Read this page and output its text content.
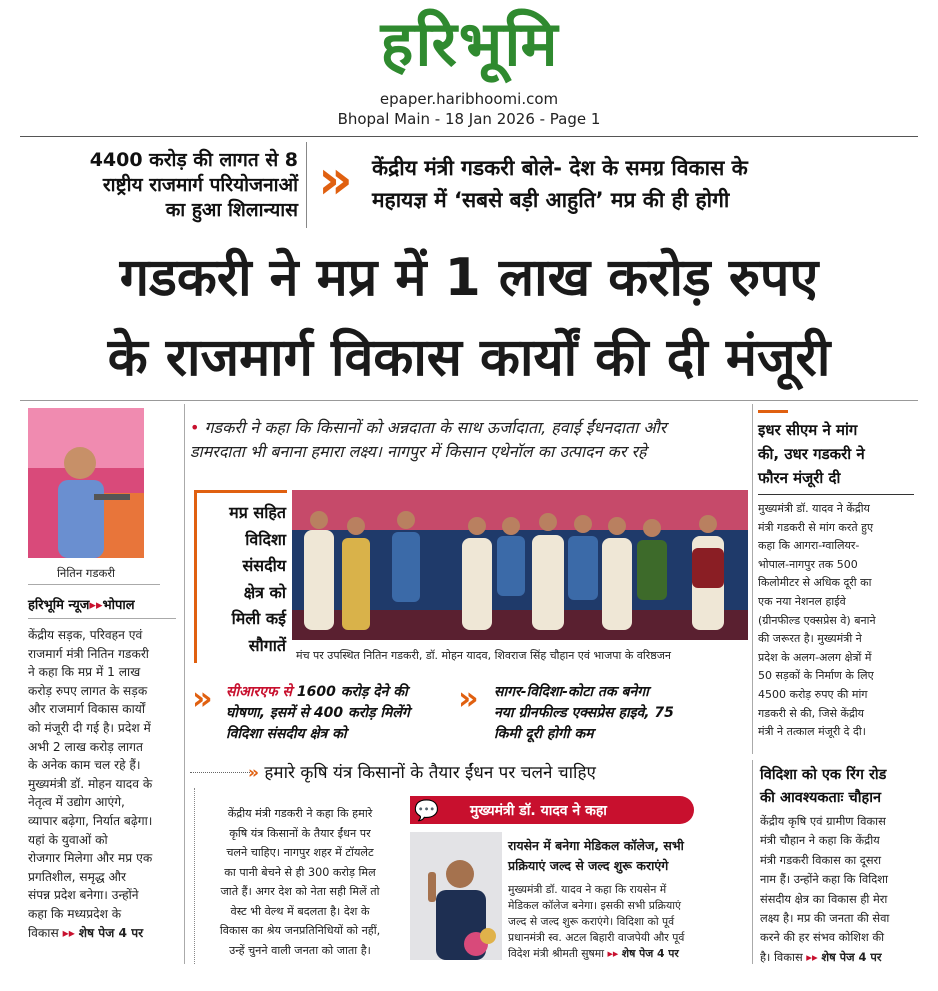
हरिभूमि
epaper.haribhoomi.com
Bhopal Main - 18 Jan 2026 - Page 1
4400 करोड़ की लागत से 8
राष्ट्रीय राजमार्ग परियोजनाओं
का हुआ शिलान्यास » केंद्रीय मंत्री गडकरी बोले- देश के समग्र विकास के
महायज्ञ में ‘सबसे बड़ी आहुति’ मप्र की ही होगी
गडकरी ने मप्र में 1 लाख करोड़ रुपए
के राजमार्ग विकास कार्यों की दी मंजूरी
नितिन गडकरी
हरिभूमि न्यूज▸▸भोपाल
केंद्रीय सड़क, परिवहन एवं
राजमार्ग मंत्री नितिन गडकरी
ने कहा कि मप्र में 1 लाख
करोड़ रुपए लागत के सड़क
और राजमार्ग विकास कार्यों
को मंजूरी दी गई है। प्रदेश में
अभी 2 लाख करोड़ लागत
के अनेक काम चल रहे हैं।
मुख्यमंत्री डॉ. मोहन यादव के
नेतृत्व में उद्योग आएंगे,
व्यापार बढ़ेगा, निर्यात बढ़ेगा।
यहां के युवाओं को
रोजगार मिलेगा और मप्र एक
प्रगतिशील, समृद्ध और
संपन्न प्रदेश बनेगा। उन्होंने
कहा कि मध्यप्रदेश के
विकास ▸▸ शेष पेज 4 पर
• गडकरी ने कहा कि किसानों को अन्नदाता के साथ ऊर्जादाता, हवाई ईंधनदाता और
डामरदाता भी बनाना हमारा लक्ष्य। नागपुर में किसान एथेनॉल का उत्पादन कर रहे
मप्र सहित
विदिशा
संसदीय
क्षेत्र को
मिली कई
सौगातें
मंच पर उपस्थित नितिन गडकरी, डॉ. मोहन यादव, शिवराज सिंह चौहान एवं भाजपा के वरिष्ठजन
» सीआरएफ से 1600 करोड़ देने की
घोषणा, इसमें से 400 करोड़ मिलेंगे
विदिशा संसदीय क्षेत्र को
» सागर-विदिशा-कोटा तक बनेगा
नया ग्रीनफील्ड एक्सप्रेस हाइवे, 75
किमी दूरी होगी कम
इधर सीएम ने मांग
की, उधर गडकरी ने
फौरन मंजूरी दी
मुख्यमंत्री डॉ. यादव ने केंद्रीय
मंत्री गडकरी से मांग करते हुए
कहा कि आगरा-ग्वालियर-
भोपाल-नागपुर तक 500
किलोमीटर से अधिक दूरी का
एक नया नेशनल हाईवे
(ग्रीनफील्ड एक्सप्रेस वे) बनाने
की जरूरत है। मुख्यमंत्री ने
प्रदेश के अलग-अलग क्षेत्रों में
50 सड़कों के निर्माण के लिए
4500 करोड़ रुपए की मांग
गडकरी से की, जिसे केंद्रीय
मंत्री ने तत्काल मंजूरी दे दी।
» हमारे कृषि यंत्र किसानों के तैयार ईंधन पर चलने चाहिए
केंद्रीय मंत्री गडकरी ने कहा कि हमारे
कृषि यंत्र किसानों के तैयार ईंधन पर
चलने चाहिए। नागपुर शहर में टॉयलेट
का पानी बेचने से ही 300 करोड़ मिल
जाते हैं। अगर देश को नेता सही मिलें तो
वेस्ट भी वेल्थ में बदलता है। देश के
विकास का श्रेय जनप्रतिनिधियों को नहीं,
उन्हें चुनने वाली जनता को जाता है।
💬	मुख्यमंत्री डॉ. यादव ने कहा
रायसेन में बनेगा मेडिकल कॉलेज, सभी
प्रक्रियाएं जल्द से जल्द शुरू कराएंगे
मुख्यमंत्री डॉ. यादव ने कहा कि रायसेन में
मेडिकल कॉलेज बनेगा। इसकी सभी प्रक्रियाएं
जल्द से जल्द शुरू कराएंगे। विदिशा को पूर्व
प्रधानमंत्री स्व. अटल बिहारी वाजपेयी और पूर्व
विदेश मंत्री श्रीमती सुषमा ▸▸ शेष पेज 4 पर
विदिशा को एक रिंग रोड
की आवश्यकताः चौहान
केंद्रीय कृषि एवं ग्रामीण विकास
मंत्री चौहान ने कहा कि केंद्रीय
मंत्री गडकरी विकास का दूसरा
नाम हैं। उन्होंने कहा कि विदिशा
संसदीय क्षेत्र का विकास ही मेरा
लक्ष्य है। मप्र की जनता की सेवा
करने की हर संभव कोशिश की
है। विकास ▸▸ शेष पेज 4 पर
